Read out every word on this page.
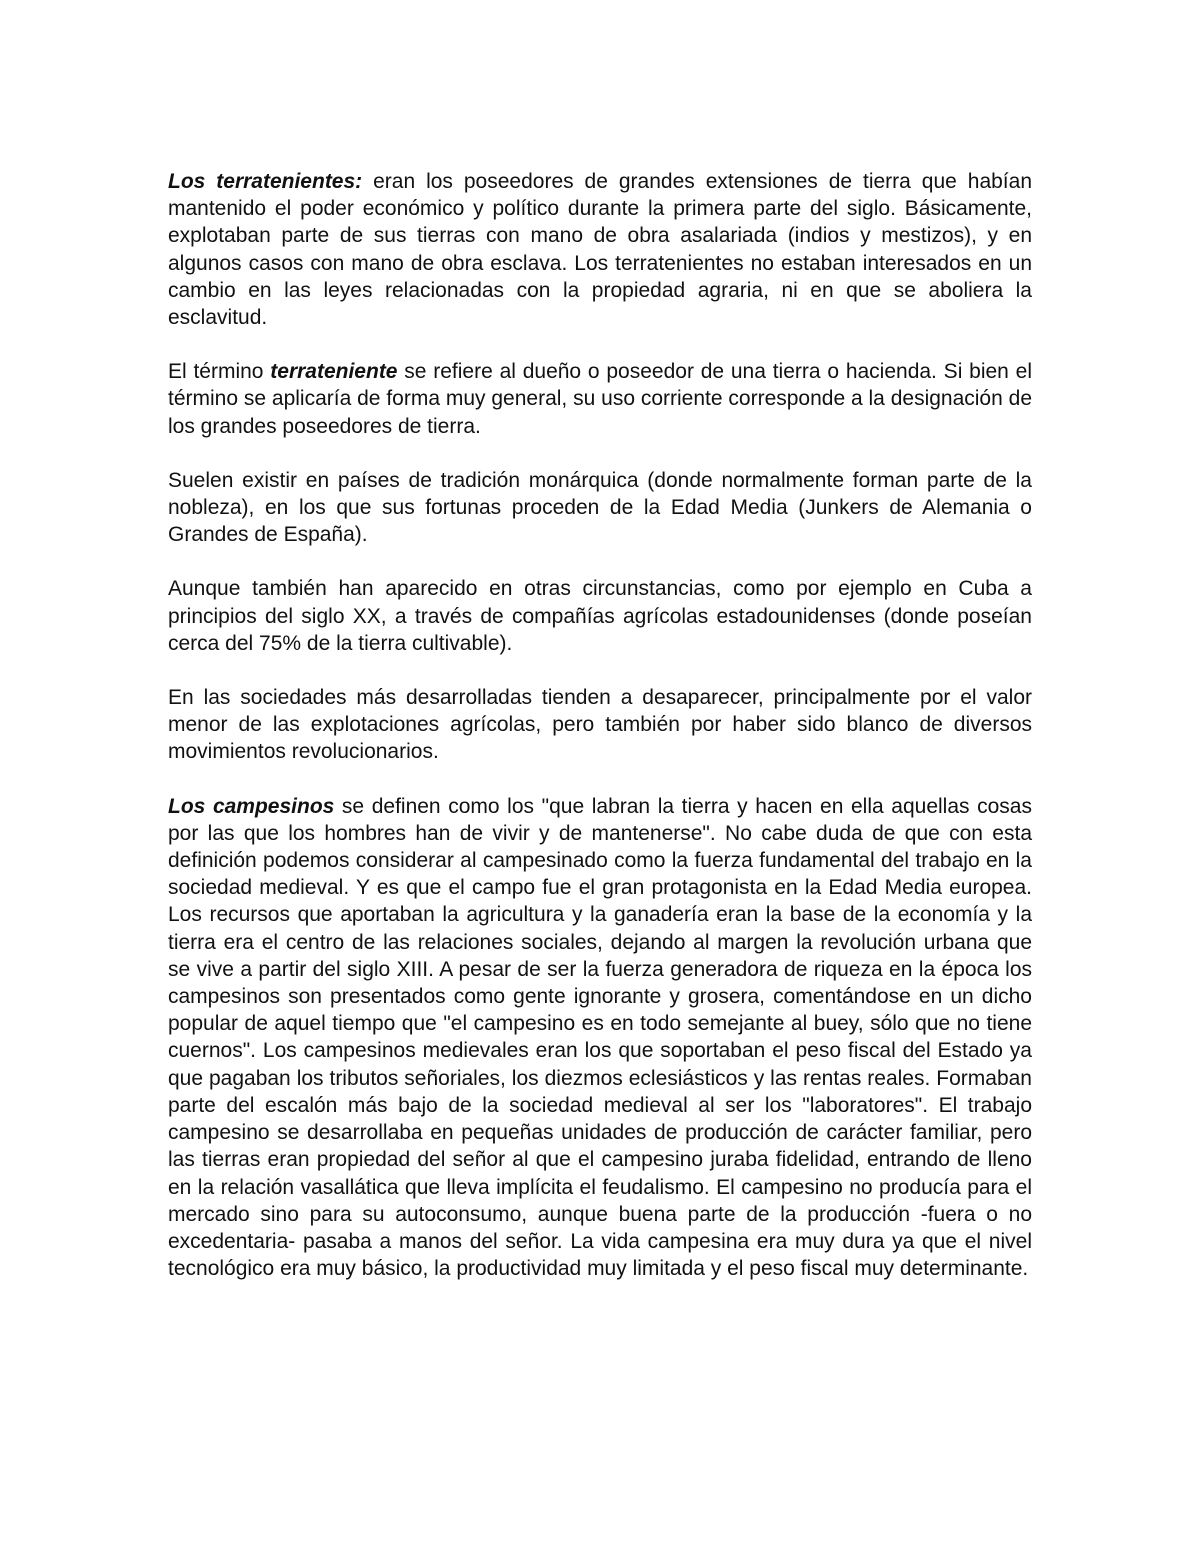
Los terratenientes: eran los poseedores de grandes extensiones de tierra que habían mantenido el poder económico y político durante la primera parte del siglo. Básicamente, explotaban parte de sus tierras con mano de obra asalariada (indios y mestizos), y en algunos casos con mano de obra esclava. Los terratenientes no estaban interesados en un cambio en las leyes relacionadas con la propiedad agraria, ni en que se aboliera la esclavitud.

El término terrateniente se refiere al dueño o poseedor de una tierra o hacienda. Si bien el término se aplicaría de forma muy general, su uso corriente corresponde a la designación de los grandes poseedores de tierra.

Suelen existir en países de tradición monárquica (donde normalmente forman parte de la nobleza), en los que sus fortunas proceden de la Edad Media (Junkers de Alemania o Grandes de España).

Aunque también han aparecido en otras circunstancias, como por ejemplo en Cuba a principios del siglo XX, a través de compañías agrícolas estadounidenses (donde poseían cerca del 75% de la tierra cultivable).

En las sociedades más desarrolladas tienden a desaparecer, principalmente por el valor menor de las explotaciones agrícolas, pero también por haber sido blanco de diversos movimientos revolucionarios.

Los campesinos se definen como los "que labran la tierra y hacen en ella aquellas cosas por las que los hombres han de vivir y de mantenerse". No cabe duda de que con esta definición podemos considerar al campesinado como la fuerza fundamental del trabajo en la sociedad medieval. Y es que el campo fue el gran protagonista en la Edad Media europea. Los recursos que aportaban la agricultura y la ganadería eran la base de la economía y la tierra era el centro de las relaciones sociales, dejando al margen la revolución urbana que se vive a partir del siglo XIII. A pesar de ser la fuerza generadora de riqueza en la época los campesinos son presentados como gente ignorante y grosera, comentándose en un dicho popular de aquel tiempo que "el campesino es en todo semejante al buey, sólo que no tiene cuernos". Los campesinos medievales eran los que soportaban el peso fiscal del Estado ya que pagaban los tributos señoriales, los diezmos eclesiásticos y las rentas reales. Formaban parte del escalón más bajo de la sociedad medieval al ser los "laboratores". El trabajo campesino se desarrollaba en pequeñas unidades de producción de carácter familiar, pero las tierras eran propiedad del señor al que el campesino juraba fidelidad, entrando de lleno en la relación vasallática que lleva implícita el feudalismo. El campesino no producía para el mercado sino para su autoconsumo, aunque buena parte de la producción -fuera o no excedentaria- pasaba a manos del señor. La vida campesina era muy dura ya que el nivel tecnológico era muy básico, la productividad muy limitada y el peso fiscal muy determinante.
